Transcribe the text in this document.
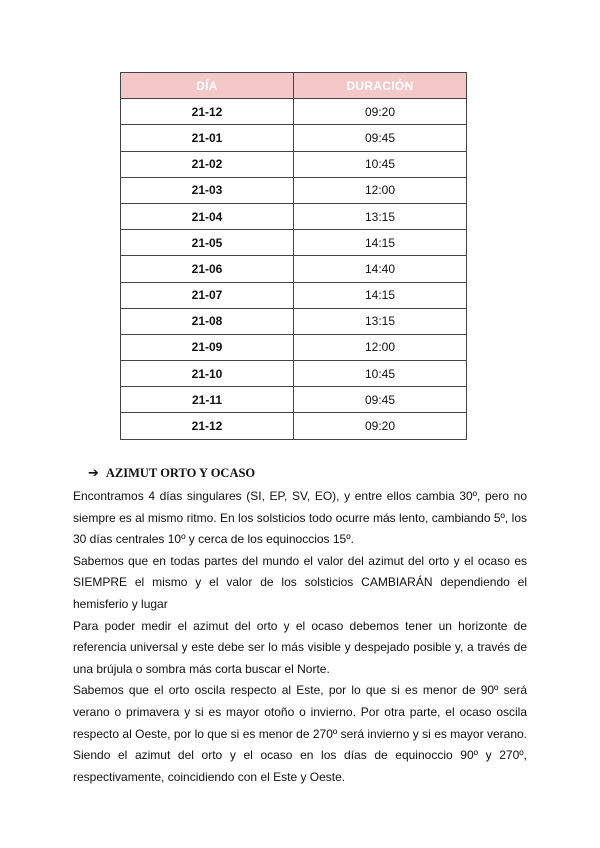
DÍA	DURACIÓN
21-12	09:20
21-01	09:45
21-02	10:45
21-03	12:00
21-04	13:15
21-05	14:15
21-06	14:40
21-07	14:15
21-08	13:15
21-09	12:00
21-10	10:45
21-11	09:45
21-12	09:20
➔ AZIMUT ORTO Y OCASO

Encontramos 4 días singulares (SI, EP, SV, EO), y entre ellos cambia 30º, pero no siempre es al mismo ritmo. En los solsticios todo ocurre más lento, cambiando 5º, los 30 días centrales 10º y cerca de los equinoccios 15º.

Sabemos que en todas partes del mundo el valor del azimut del orto y el ocaso es SIEMPRE el mismo y el valor de los solsticios CAMBIARÁN dependiendo el hemisferio y lugar

Para poder medir el azimut del orto y el ocaso debemos tener un horizonte de referencia universal y este debe ser lo más visible y despejado posible y, a través de una brújula o sombra más corta buscar el Norte.

Sabemos que el orto oscila respecto al Este, por lo que si es menor de 90º será verano o primavera y si es mayor otoño o invierno. Por otra parte, el ocaso oscila respecto al Oeste, por lo que si es menor de 270º será invierno y si es mayor verano. Siendo el azimut del orto y el ocaso en los días de equinoccio 90º y 270º, respectivamente, coincidiendo con el Este y Oeste.
